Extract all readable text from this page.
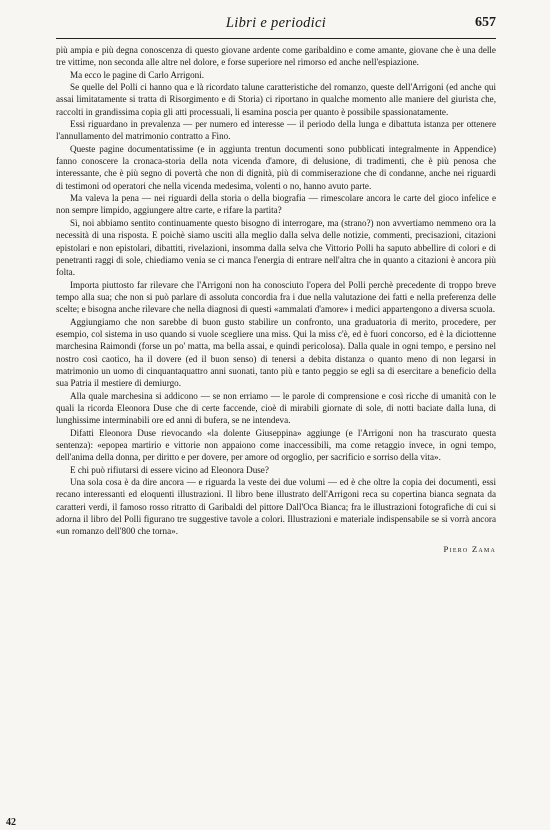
Libri e periodici	657

più ampia e più degna conoscenza di questo giovane ardente come garibaldino e come amante, giovane che è una delle tre vittime, non seconda alle altre nel dolore, e forse superiore nel rimorso ed anche nell'espiazione.

Ma ecco le pagine di Carlo Arrigoni.

Se quelle del Polli ci hanno qua e là ricordato talune caratteristiche del romanzo, queste dell'Arrigoni (ed anche qui assai limitatamente si tratta di Risorgimento e di Storia) ci riportano in qualche momento alle maniere del giurista che, raccolti in grandissima copia gli atti processuali, li esamina poscia per quanto è possibile spassionatamente.

Essi riguardano in prevalenza — per numero ed interesse — il periodo della lunga e dibattuta istanza per ottenere l'annullamento del matrimonio contratto a Fino.

Queste pagine documentatissime (e in aggiunta trentun documenti sono pubblicati integralmente in Appendice) fanno conoscere la cronaca-storia della nota vicenda d'amore, di delusione, di tradimenti, che è più penosa che interessante, che è più segno di povertà che non di dignità, più di commiserazione che di condanne, anche nei riguardi di testimoni od operatori che nella vicenda medesima, volenti o no, hanno avuto parte.

Ma valeva la pena — nei riguardi della storia o della biografia — rimescolare ancora le carte del gioco infelice e non sempre limpido, aggiungere altre carte, e rifare la partita?

Sì, noi abbiamo sentito continuamente questo bisogno di interrogare, ma (strano?) non avvertiamo nemmeno ora la necessità di una risposta. E poichè siamo usciti alla meglio dalla selva delle notizie, commenti, precisazioni, citazioni epistolari e non epistolari, dibattiti, rivelazioni, insomma dalla selva che Vittorio Polli ha saputo abbellire di colori e di penetranti raggi di sole, chiediamo venia se ci manca l'energia di entrare nell'altra che in quanto a citazioni è ancora più folta.

Importa piuttosto far rilevare che l'Arrigoni non ha conosciuto l'opera del Polli perchè precedente di troppo breve tempo alla sua; che non si può parlare di assoluta concordia fra i due nella valutazione dei fatti e nella preferenza delle scelte; e bisogna anche rilevare che nella diagnosi di questi «ammalati d'amore» i medici appartengono a diversa scuola.

Aggiungiamo che non sarebbe di buon gusto stabilire un confronto, una graduatoria di merito, procedere, per esempio, col sistema in uso quando si vuole scegliere una miss. Qui la miss c'è, ed è fuori concorso, ed è la diciottenne marchesina Raimondi (forse un po' matta, ma bella assai, e quindi pericolosa). Dalla quale in ogni tempo, e persino nel nostro così caotico, ha il dovere (ed il buon senso) di tenersi a debita distanza o quanto meno di non legarsi in matrimonio un uomo di cinquantaquattro anni suonati, tanto più e tanto peggio se egli sa di esercitare a beneficio della sua Patria il mestiere di demiurgo.

Alla quale marchesina si addicono — se non erriamo — le parole di comprensione e così ricche di umanità con le quali la ricorda Eleonora Duse che di certe faccende, cioè di mirabili giornate di sole, di notti baciate dalla luna, di lunghissime interminabili ore ed anni di bufera, se ne intendeva.

Difatti Eleonora Duse rievocando «la dolente Giuseppina» aggiunge (e l'Arrigoni non ha trascurato questa sentenza): «epopea martirio e vittorie non appaiono come inaccessibili, ma come retaggio invece, in ogni tempo, dell'anima della donna, per diritto e per dovere, per amore od orgoglio, per sacrificio e sorriso della vita».

E chi può rifiutarsi di essere vicino ad Eleonora Duse?

Una sola cosa è da dire ancora — e riguarda la veste dei due volumi — ed è che oltre la copia dei documenti, essi recano interessanti ed eloquenti illustrazioni. Il libro bene illustrato dell'Arrigoni reca su copertina bianca segnata da caratteri verdi, il famoso rosso ritratto di Garibaldi del pittore Dall'Oca Bianca; fra le illustrazioni fotografiche di cui si adorna il libro del Polli figurano tre suggestive tavole a colori. Illustrazioni e materiale indispensabile se si vorrà ancora «un romanzo dell'800 che torna».

Piero Zama
42
